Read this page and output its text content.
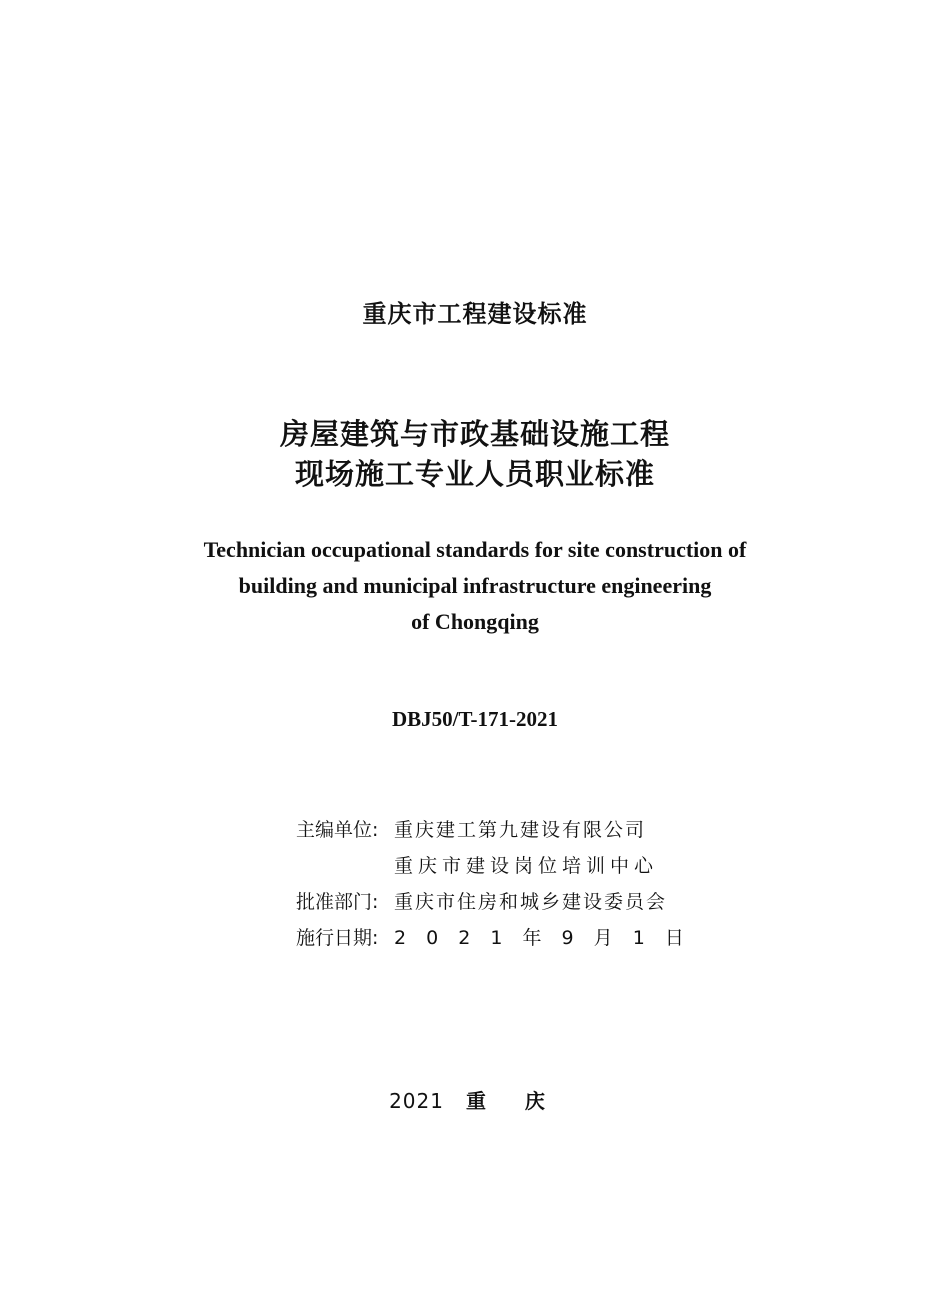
重庆市工程建设标准
房屋建筑与市政基础设施工程
现场施工专业人员职业标准
Technician occupational standards for site construction of
building and municipal infrastructure engineering
of Chongqing
DBJ50/T-171-2021
主编单位: 重庆建工第九建设有限公司
重庆市建设岗位培训中心
批准部门: 重庆市住房和城乡建设委员会
施行日期: 2 0 2 1 年 9 月 1 日
2021 重 庆
